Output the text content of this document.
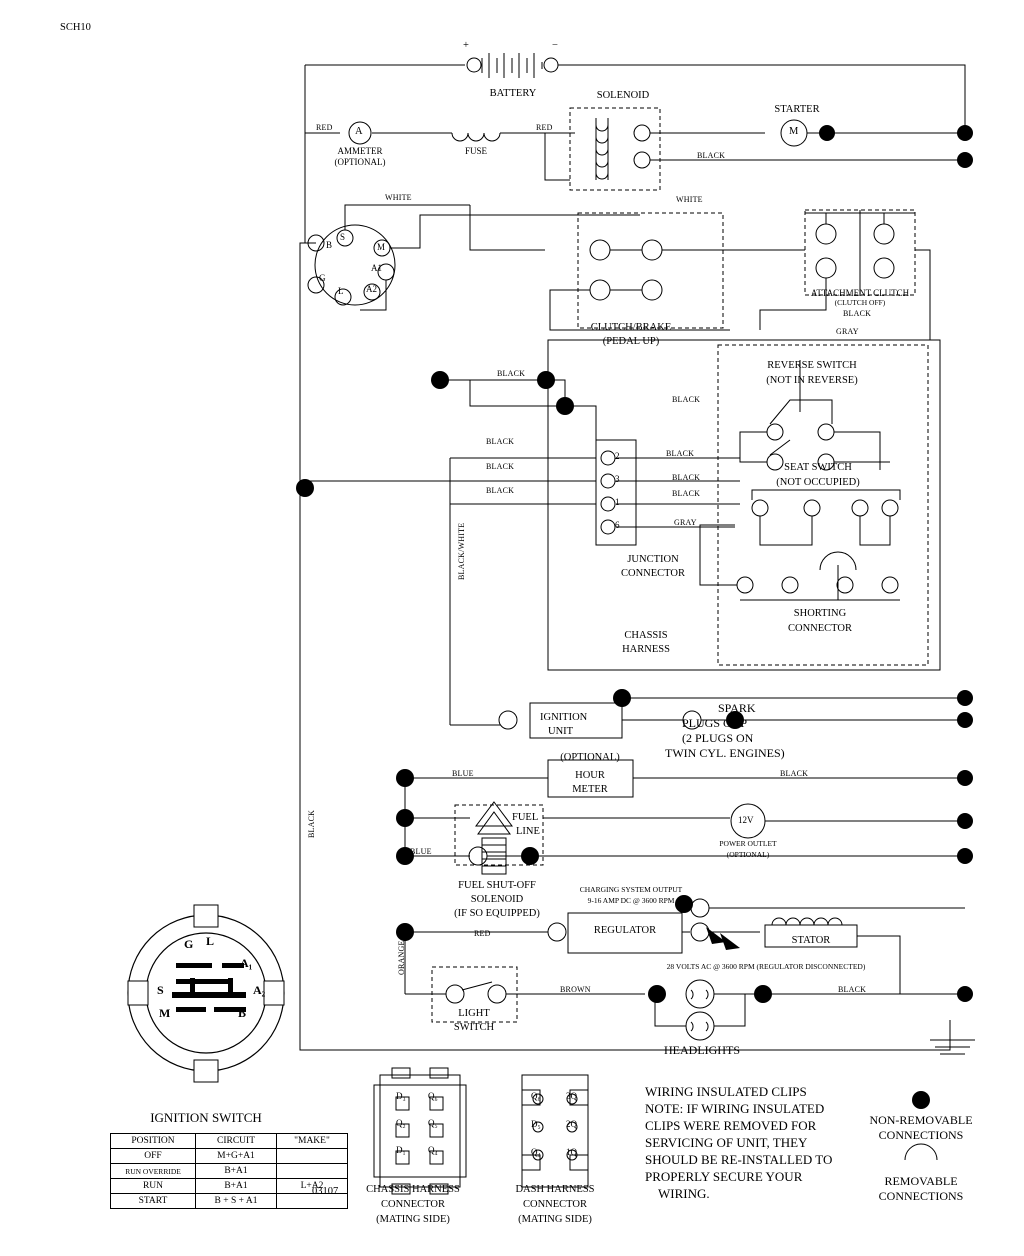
SCH10
+	−
BATTERY	SOLENOID
STARTER
M
A
AMMETER
(OPTIONAL)
FUSE
RED	RED
BLACK
WHITE	WHITE
S
M
B
A1
G
L	A2
CLUTCH/BRAKE
(PEDAL UP)
ATTACHMENT CLUTCH
(CLUTCH OFF)
BLACK
GRAY
REVERSE SWITCH
(NOT IN REVERSE)
SEAT SWITCH
(NOT OCCUPIED)
SHORTING
CONNECTOR
JUNCTION
CONNECTOR
CHASSIS
HARNESS
2
3
1
6
BLACK
BLACK
BLACK
BLACK
BLACK
BLACK
BLACK
BLACK
GRAY
BLACK/WHITE
BLACK
ORANGE
IGNITION
UNIT
SPARK
PLUGS GAP
(2 PLUGS ON
TWIN CYL. ENGINES)
(OPTIONAL)
HOUR
METER
BLUE	BLACK
FUEL
LINE
BLUE
FUEL SHUT-OFF
SOLENOID
(IF SO EQUIPPED)
12V
POWER OUTLET
(OPTIONAL)
CHARGING SYSTEM OUTPUT
9-16 AMP DC @ 3600 RPM
REGULATOR
STATOR
RED
28 VOLTS AC @ 3600 RPM (REGULATOR DISCONNECTED)
LIGHT
SWITCH
BROWN	BLACK
HEADLIGHTS
G L
A₁
S	A₂
M	B
IGNITION SWITCH
POSITION	CIRCUIT	"MAKE"
OFF	M+G+A1	
RUN OVERRIDE	B+A1	
RUN	B+A1	L+A2
START	B + S + A1	
03107
D₃ Q₆
Q₂ Q₅
D₁ Q₄
CHASSIS HARNESS
CONNECTOR
(MATING SIDE)
Q₆	3Q
D₅	2Q
Q₄	1Q
DASH HARNESS
CONNECTOR
(MATING SIDE)
WIRING INSULATED CLIPS
NOTE: IF WIRING INSULATED
CLIPS WERE REMOVED FOR
SERVICING OF UNIT, THEY
SHOULD BE RE-INSTALLED TO
PROPERLY SECURE YOUR
WIRING.
NON-REMOVABLE
CONNECTIONS
REMOVABLE
CONNECTIONS
